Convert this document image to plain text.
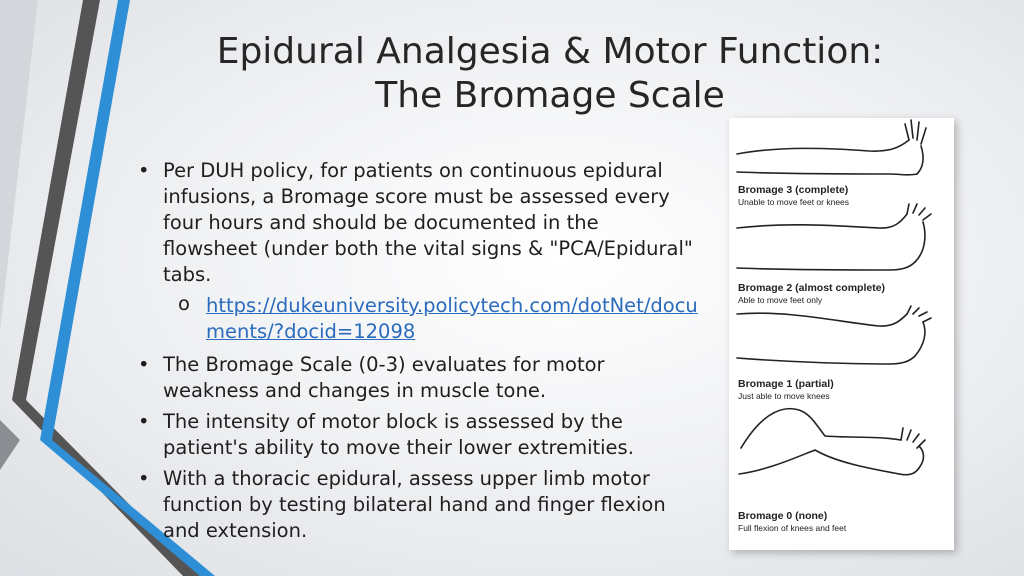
Epidural Analgesia & Motor Function:
The Bromage Scale
• Per DUH policy, for patients on continuous epidural infusions, a Bromage score must be assessed every four hours and should be documented in the flowsheet (under both the vital signs & "PCA/Epidural" tabs.
o https://dukeuniversity.policytech.com/dotNet/documents/?docid=12098
• The Bromage Scale (0-3) evaluates for motor weakness and changes in muscle tone.
• The intensity of motor block is assessed by the patient's ability to move their lower extremities.
• With a thoracic epidural, assess upper limb motor function by testing bilateral hand and finger flexion and extension.
Bromage 3 (complete)
Unable to move feet or knees
Bromage 2 (almost complete)
Able to move feet only
Bromage 1 (partial)
Just able to move knees
Bromage 0 (none)
Full flexion of knees and feet
